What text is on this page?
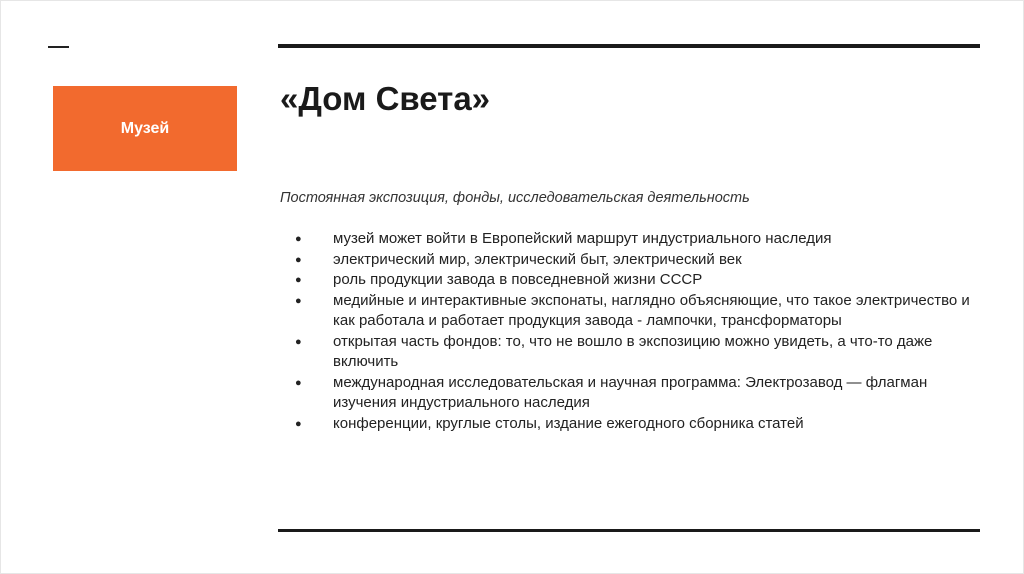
Музей
«Дом Света»

Постоянная экспозиция, фонды, исследовательская деятельность

● музей может войти в Европейский маршрут индустриального наследия
● электрический мир, электрический быт, электрический век
● роль продукции завода в повседневной жизни СССР
● медийные и интерактивные экспонаты, наглядно объясняющие, что такое электричество и как работала и работает продукция завода - лампочки, трансформаторы
● открытая часть фондов: то, что не вошло в экспозицию можно увидеть, а что-то даже включить
● международная исследовательская и научная программа: Электрозавод — флагман изучения индустриального наследия
● конференции, круглые столы, издание ежегодного сборника статей
